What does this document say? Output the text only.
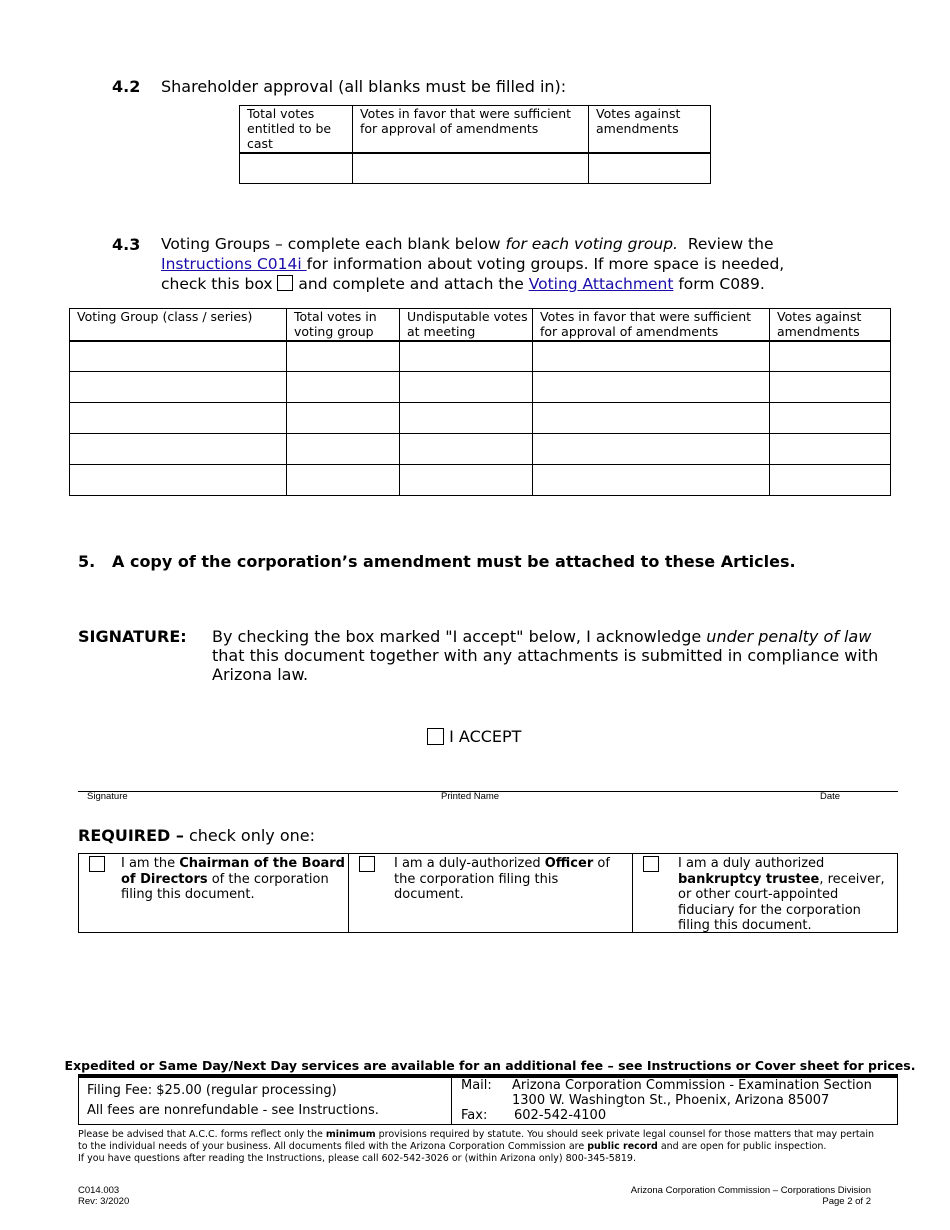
4.2 Shareholder approval (all blanks must be filled in):
Total votes entitled to be cast	Votes in favor that were sufficient for approval of amendments	Votes against amendments

4.3 Voting Groups – complete each blank below for each voting group.  Review the
Instructions C014i for information about voting groups. If more space is needed,
check this box  and complete and attach the Voting Attachment form C089.
Voting Group (class / series)	Total votes in voting group	Undisputable votes at meeting	Votes in favor that were sufficient for approval of amendments	Votes against amendments

5. A copy of the corporation’s amendment must be attached to these Articles.
SIGNATURE: By checking the box marked "I accept" below, I acknowledge under penalty of law
that this document together with any attachments is submitted in compliance with
Arizona law.
I ACCEPT
Signature	Printed Name	Date
REQUIRED – check only one:
I am the Chairman of the Board of Directors of the corporation filing this document.
I am a duly-authorized Officer of the corporation filing this document.
I am a duly authorized bankruptcy trustee, receiver, or other court-appointed fiduciary for the corporation filing this document.
Expedited or Same Day/Next Day services are available for an additional fee – see Instructions or Cover sheet for prices.
Filing Fee: $25.00 (regular processing)
All fees are nonrefundable - see Instructions.
Mail: Arizona Corporation Commission - Examination Section
1300 W. Washington St., Phoenix, Arizona 85007
Fax: 602-542-4100
Please be advised that A.C.C. forms reflect only the minimum provisions required by statute. You should seek private legal counsel for those matters that may pertain
to the individual needs of your business. All documents filed with the Arizona Corporation Commission are public record and are open for public inspection.
If you have questions after reading the Instructions, please call 602-542-3026 or (within Arizona only) 800-345-5819.
C014.003
Rev: 3/2020
Arizona Corporation Commission – Corporations Division
Page 2 of 2
